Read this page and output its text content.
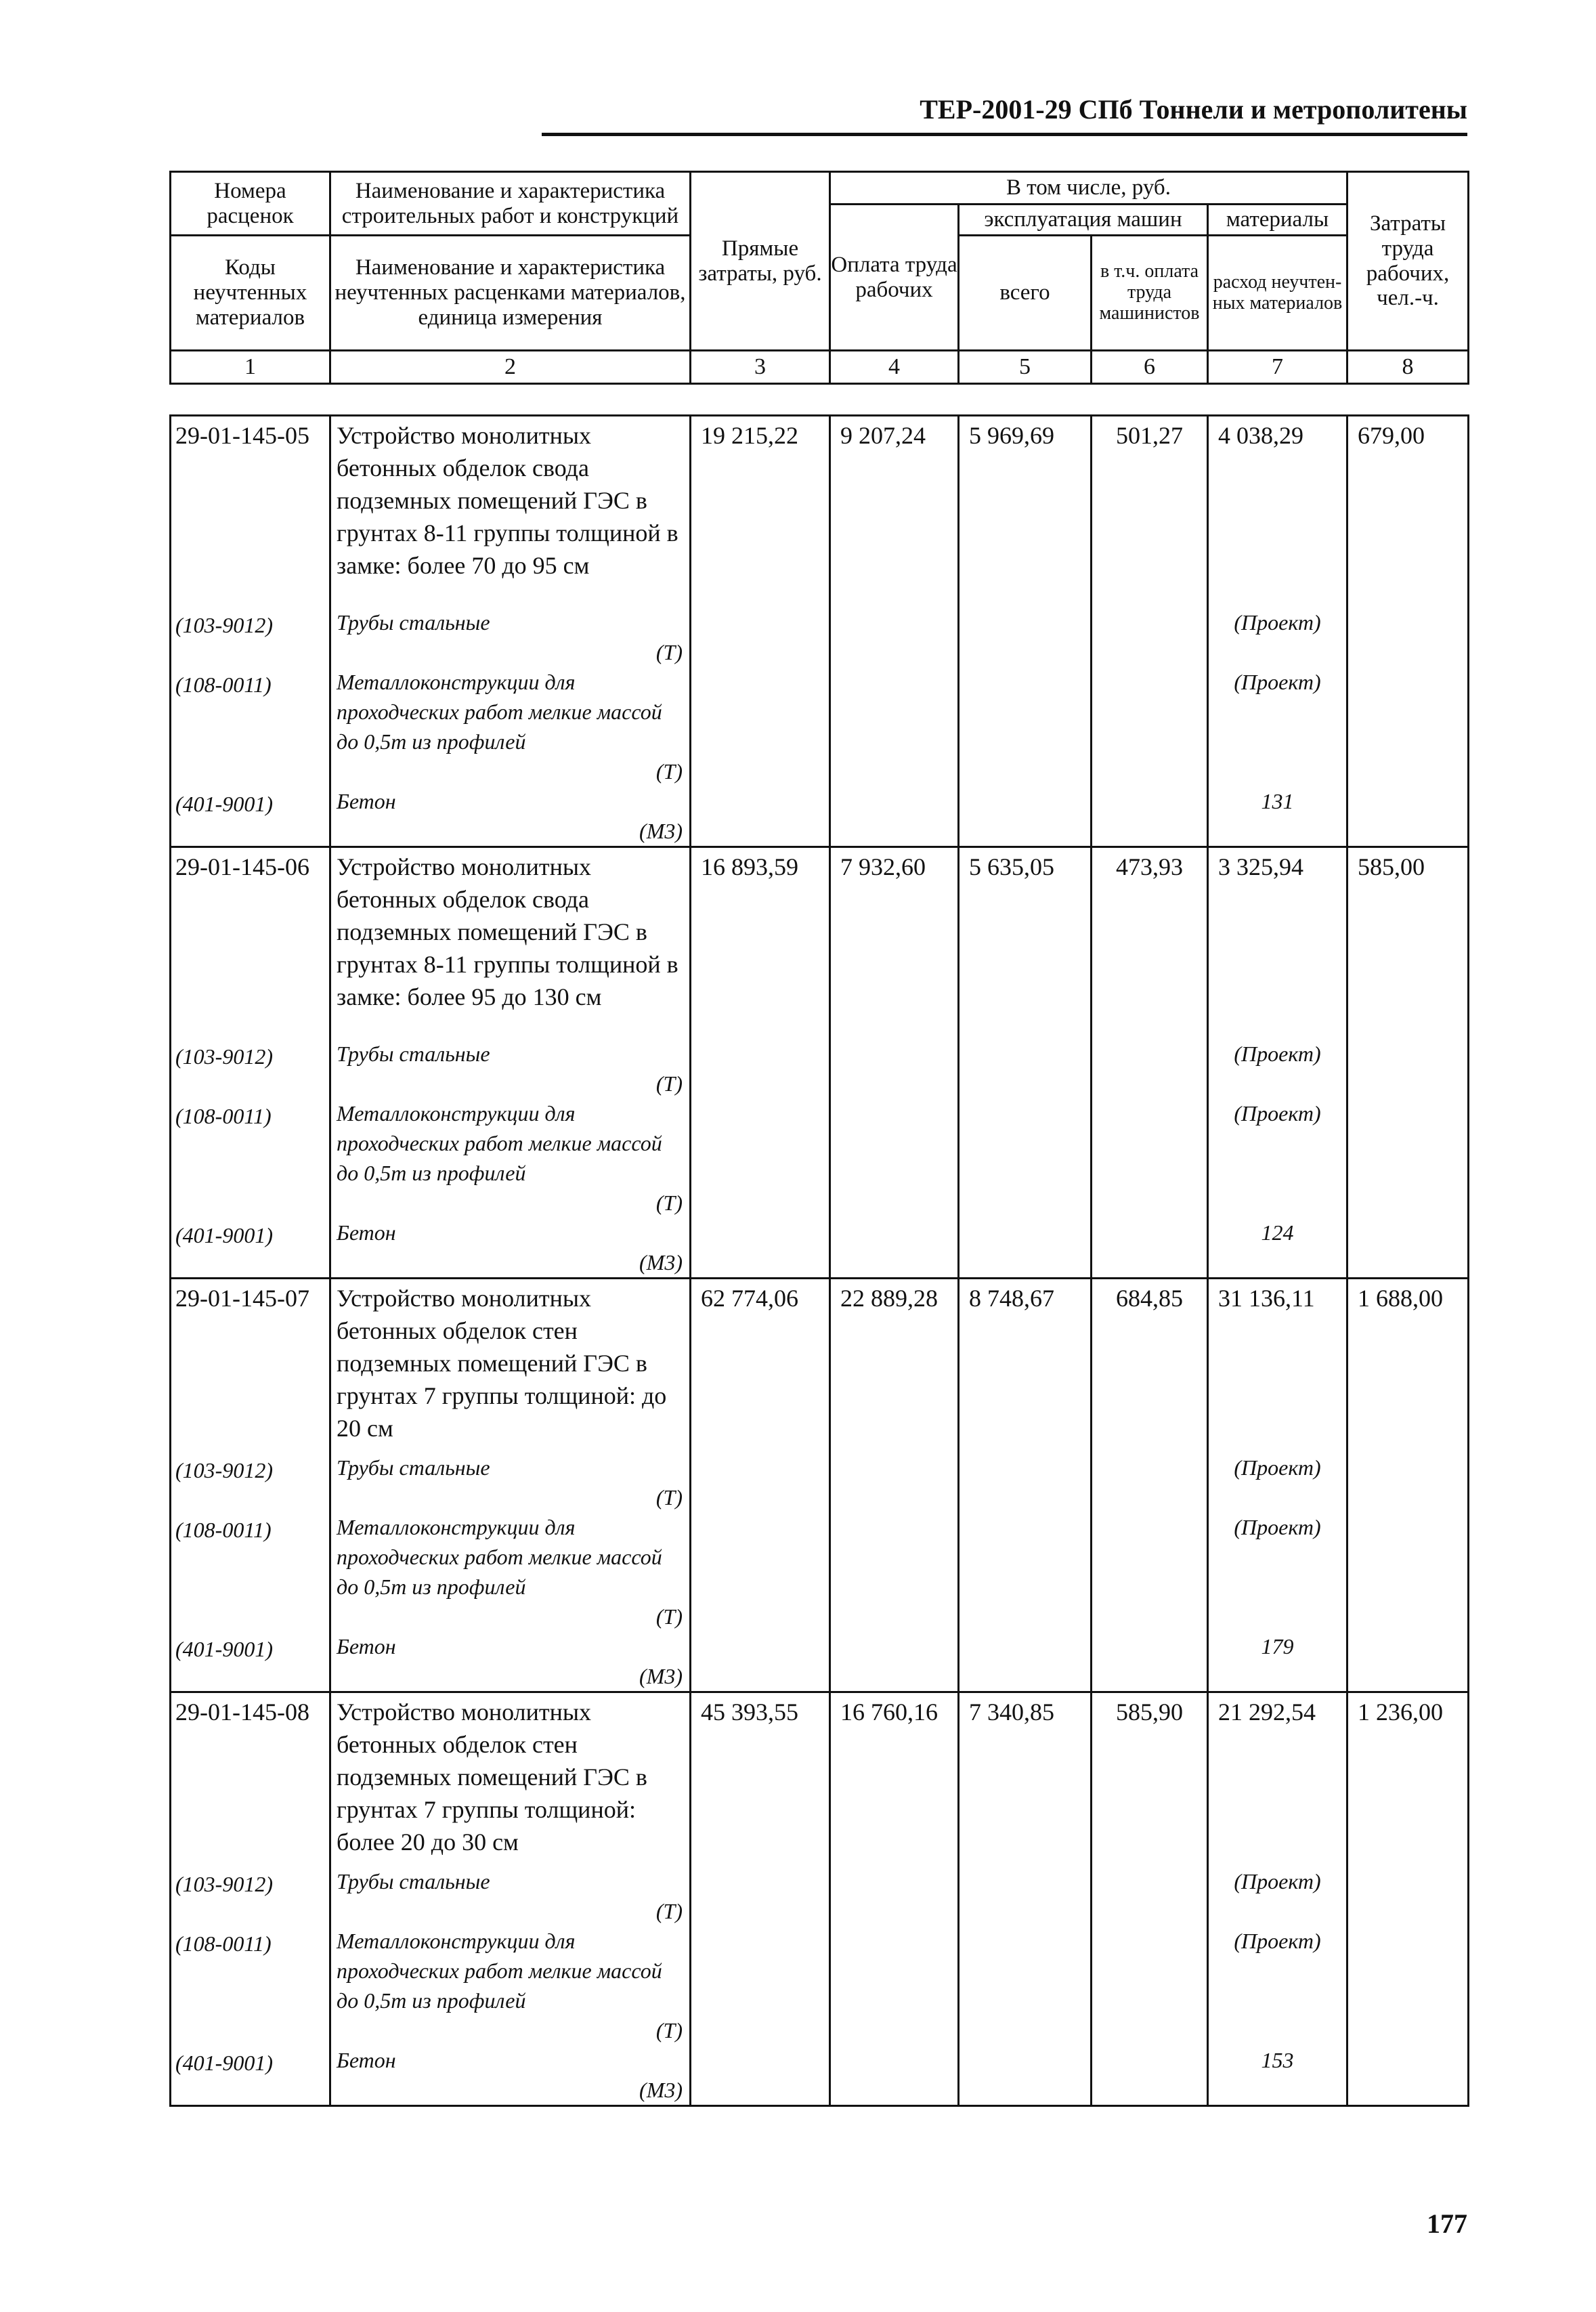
ТЕР-2001-29 СПб Тоннели и метрополитены
Номера расценок	Наименование и характеристика строительных работ и конструкций	Прямые затраты, руб.	В том числе, руб.				Затраты труда рабочих, чел.-ч.
			Оплата труда рабочих	эксплуатация машин		материалы	
Коды неучтенных материалов	Наименование и характеристика неучтенных расценками материалов, единица измерения			всего	в т.ч. оплата труда машинистов	расход неучтен-ных материалов	

1	2	3	4	5	6	7	8
29-01-145-05	Устройство монолитных бетонных обделок свода подземных помещений ГЭС в грунтах 8-11 группы толщиной в замке: более 70 до 95 см	19 215,22	9 207,24	5 969,69	501,27	4 038,29	679,00

(103-9012)	Трубы стальные
(Т)					(Проект)	
(108-0011)	Металлоконструкции для проходческих работ мелкие массой до 0,5т из профилей
(Т)					(Проект)	
(401-9001)	Бетон
(М3)					131	
29-01-145-06	Устройство монолитных бетонных обделок свода подземных помещений ГЭС в грунтах 8-11 группы толщиной в замке: более 95 до 130 см	16 893,59	7 932,60	5 635,05	473,93	3 325,94	585,00

(103-9012)	Трубы стальные
(Т)					(Проект)	
(108-0011)	Металлоконструкции для проходческих работ мелкие массой до 0,5т из профилей
(Т)					(Проект)	
(401-9001)	Бетон
(М3)					124	
29-01-145-07	Устройство монолитных бетонных обделок стен подземных помещений ГЭС в грунтах 7 группы толщиной: до 20 см	62 774,06	22 889,28	8 748,67	684,85	31 136,11	1 688,00
(103-9012)	Трубы стальные
(Т)					(Проект)	
(108-0011)	Металлоконструкции для проходческих работ мелкие массой до 0,5т из профилей
(Т)					(Проект)	
(401-9001)	Бетон
(М3)					179	
29-01-145-08	Устройство монолитных бетонных обделок стен подземных помещений ГЭС в грунтах 7 группы толщиной: более 20 до 30 см	45 393,55	16 760,16	7 340,85	585,90	21 292,54	1 236,00
(103-9012)	Трубы стальные
(Т)					(Проект)	
(108-0011)	Металлоконструкции для проходческих работ мелкие массой до 0,5т из профилей
(Т)					(Проект)	
(401-9001)	Бетон
(М3)					153	
177
